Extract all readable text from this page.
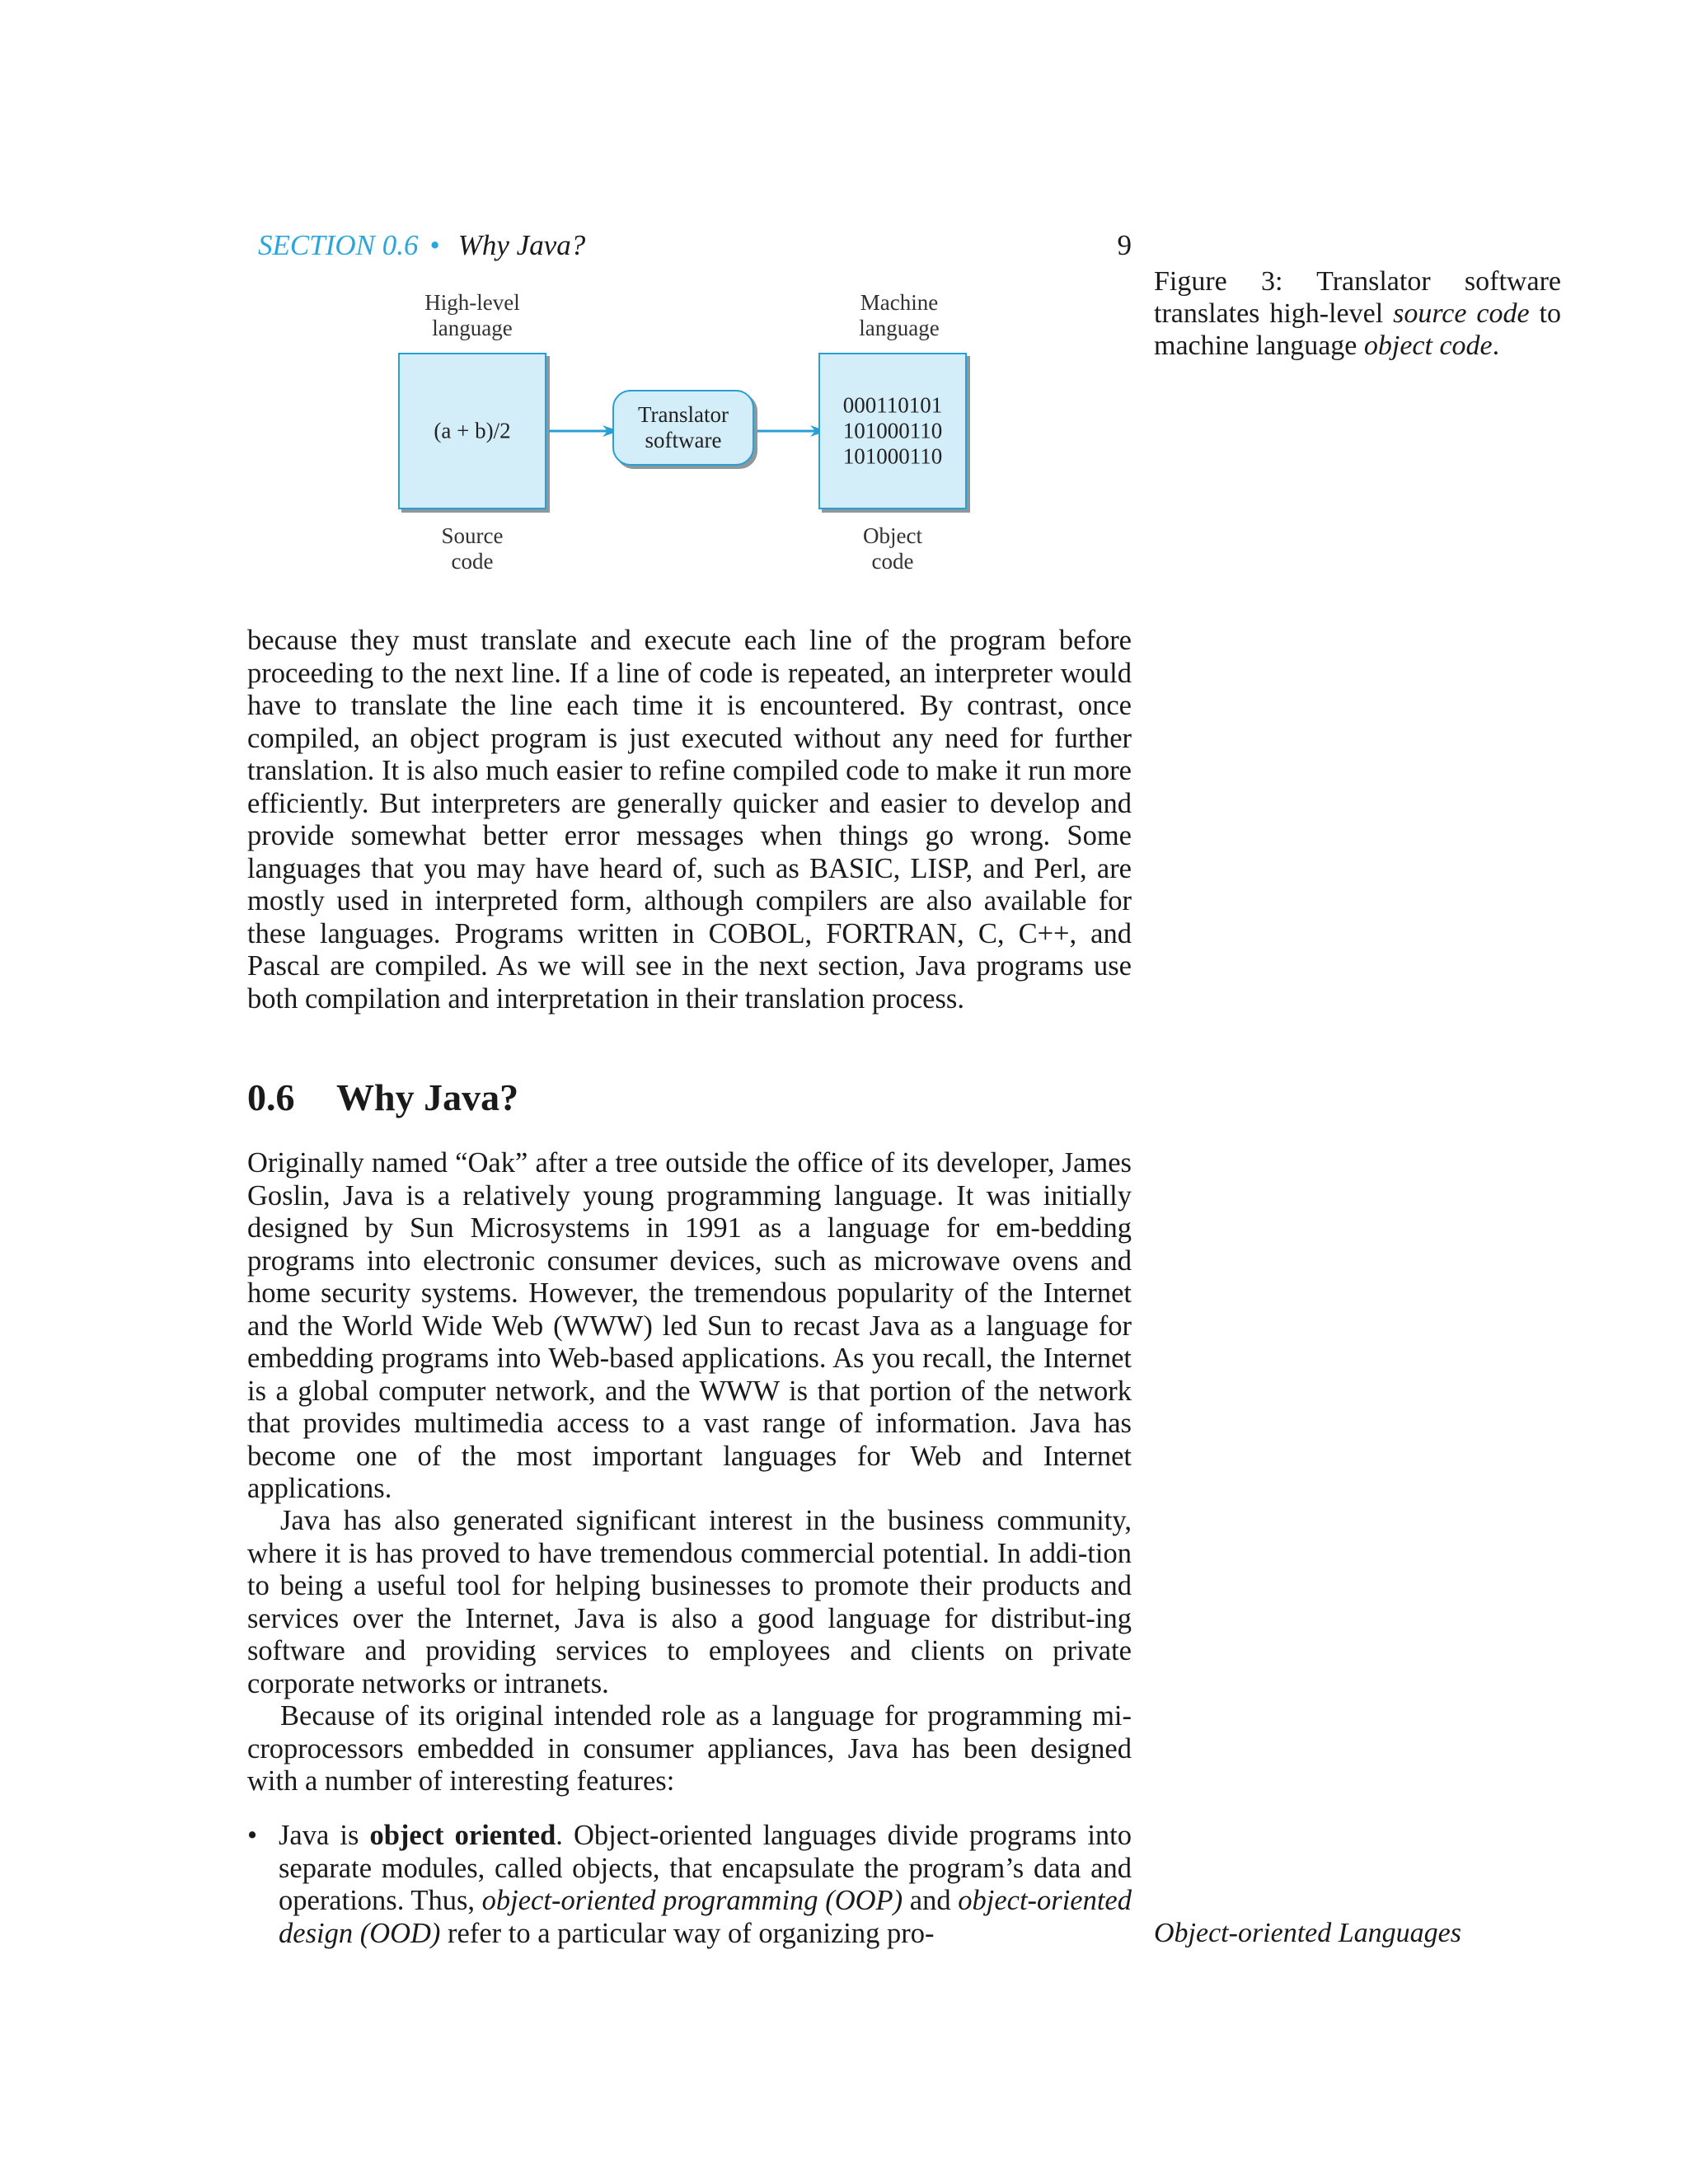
SECTION 0.6 • Why Java?	9
High-level
language
Machine
language
(a + b)/2
Translator
software
000110101
101000110
101000110
Source
code
Object
code
Figure 3: Translator software translates high-level source code to machine language object code.

because they must translate and execute each line of the program before proceeding to the next line. If a line of code is repeated, an interpreter would have to translate the line each time it is encountered. By contrast, once compiled, an object program is just executed without any need for further translation. It is also much easier to refine compiled code to make it run more efficiently. But interpreters are generally quicker and easier to develop and provide somewhat better error messages when things go wrong. Some languages that you may have heard of, such as BASIC, LISP, and Perl, are mostly used in interpreted form, although compilers are also available for these languages. Programs written in COBOL, FORTRAN, C, C++, and Pascal are compiled. As we will see in the next section, Java programs use both compilation and interpretation in their translation process.

0.6 Why Java?

Originally named “Oak” after a tree outside the office of its developer, James Goslin, Java is a relatively young programming language. It was initially designed by Sun Microsystems in 1991 as a language for em-bedding programs into electronic consumer devices, such as microwave ovens and home security systems. However, the tremendous popularity of the Internet and the World Wide Web (WWW) led Sun to recast Java as a language for embedding programs into Web-based applications. As you recall, the Internet is a global computer network, and the WWW is that portion of the network that provides multimedia access to a vast range of information. Java has become one of the most important languages for Web and Internet applications.

Java has also generated significant interest in the business community, where it is has proved to have tremendous commercial potential. In addi-tion to being a useful tool for helping businesses to promote their products and services over the Internet, Java is also a good language for distribut-ing software and providing services to employees and clients on private corporate networks or intranets.

Because of its original intended role as a language for programming mi-croprocessors embedded in consumer appliances, Java has been designed with a number of interesting features:

• Java is object oriented. Object-oriented languages divide programs into separate modules, called objects, that encapsulate the program’s data and operations. Thus, object-oriented programming (OOP) and object-oriented design (OOD) refer to a particular way of organizing pro-	Object-oriented Languages
